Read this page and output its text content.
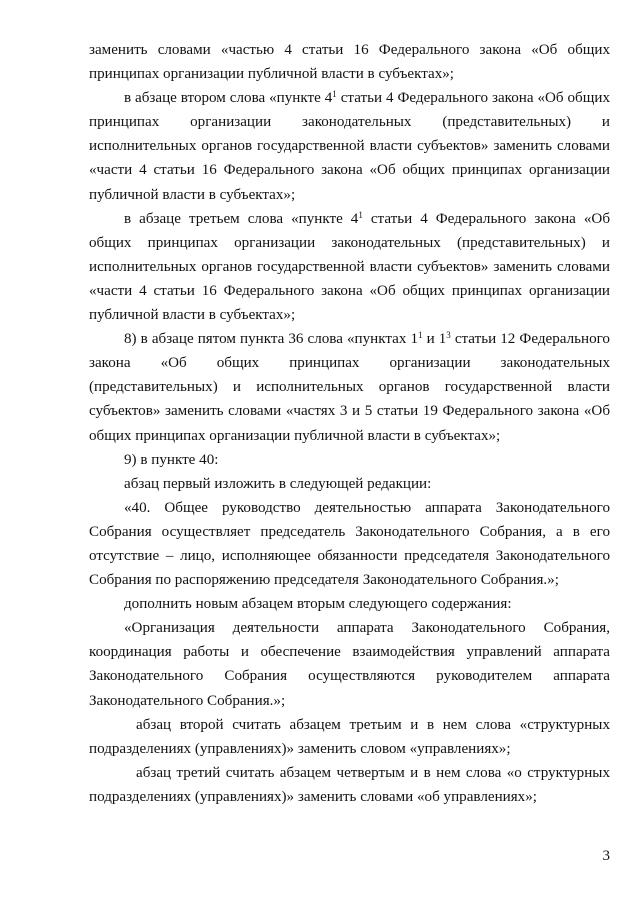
заменить словами «частью 4 статьи 16 Федерального закона «Об общих принципах организации публичной власти в субъектах»;

в абзаце втором слова «пункте $4^1$ статьи 4 Федерального закона «Об общих принципах организации законодательных (представительных) и исполнительных органов государственной власти субъектов» заменить словами «части 4 статьи 16 Федерального закона «Об общих принципах организации публичной власти в субъектах»;

в абзаце третьем слова «пункте $4^1$ статьи 4 Федерального закона «Об общих принципах организации законодательных (представительных) и исполнительных органов государственной власти субъектов» заменить словами «части 4 статьи 16 Федерального закона «Об общих принципах организации публичной власти в субъектах»;

8) в абзаце пятом пункта 36 слова «пунктах $1^1$ и $1^3$ статьи 12 Федерального закона «Об общих принципах организации законодательных (представительных) и исполнительных органов государственной власти субъектов» заменить словами «частях 3 и 5 статьи 19 Федерального закона «Об общих принципах организации публичной власти в субъектах»;

9) в пункте 40:

абзац первый изложить в следующей редакции:

«40. Общее руководство деятельностью аппарата Законодательного Собрания осуществляет председатель Законодательного Собрания, а в его отсутствие – лицо, исполняющее обязанности председателя Законодательного Собрания по распоряжению председателя Законодательного Собрания.»;

дополнить новым абзацем вторым следующего содержания:

«Организация деятельности аппарата Законодательного Собрания, координация работы и обеспечение взаимодействия управлений аппарата Законодательного Собрания осуществляются руководителем аппарата Законодательного Собрания.»;

абзац второй считать абзацем третьим и в нем слова «структурных подразделениях (управлениях)» заменить словом «управлениях»;

абзац третий считать абзацем четвертым и в нем слова «о структурных подразделениях (управлениях)» заменить словами «об управлениях»;

3
